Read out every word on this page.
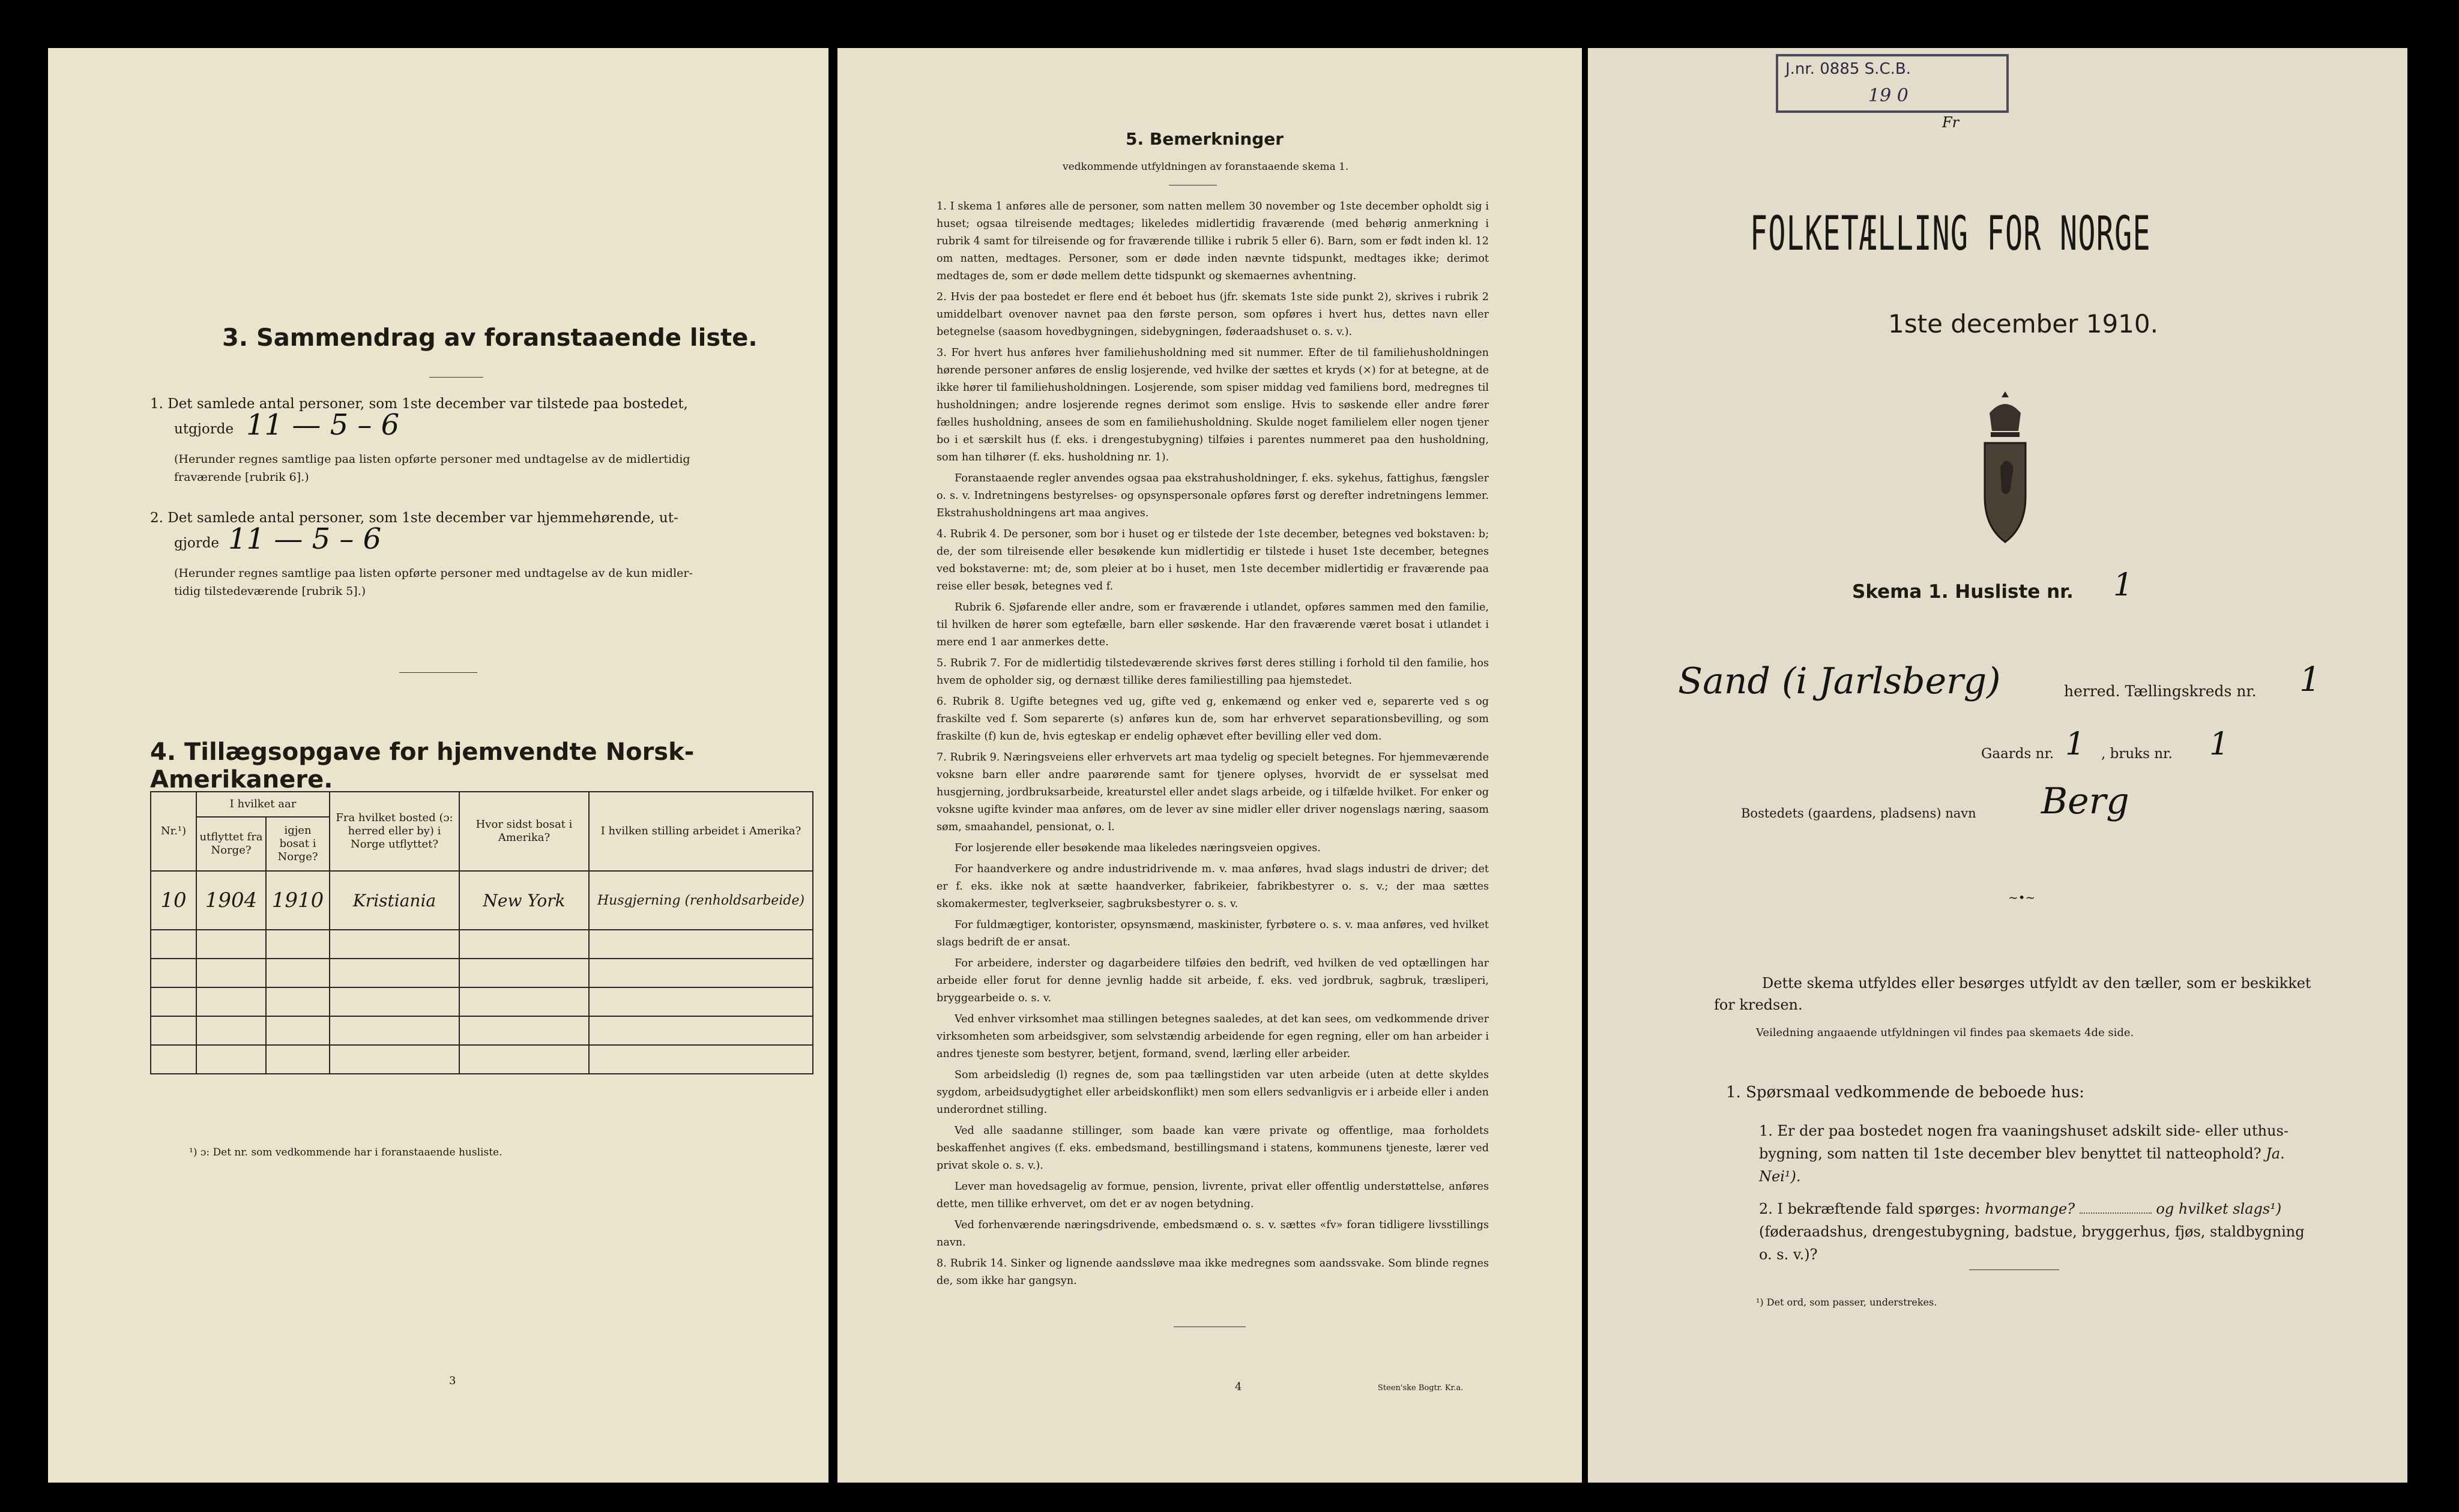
3. Sammendrag av foranstaaende liste.
1. Det samlede antal personer, som 1ste december var tilstede paa bostedet,
utgjorde 11 — 5 – 6
(Herunder regnes samtlige paa listen opførte personer med undtagelse av de midlertidig
fraværende [rubrik 6].)
2. Det samlede antal personer, som 1ste december var hjemmehørende, ut-
gjorde 11 — 5 – 6
(Herunder regnes samtlige paa listen opførte personer med undtagelse av de kun midler-
tidig tilstedeværende [rubrik 5].)
4. Tillægsopgave for hjemvendte Norsk-Amerikanere.
Nr.¹)	I hvilket aar		Fra hvilket bosted (ɔ: herred eller by) i Norge utflyttet?	Hvor sidst bosat i Amerika?	I hvilken stilling arbeidet i Amerika?
	utflyttet fra Norge?	igjen bosat i Norge?			
10	1904	1910	Kristiania	New York	Husgjerning (renholdsarbeide)

¹) ɔ: Det nr. som vedkommende har i foranstaaende husliste.
3
5. Bemerkninger
vedkommende utfyldningen av foranstaaende skema 1.

1. I skema 1 anføres alle de personer, som natten mellem 30 november og 1ste december opholdt sig i huset; ogsaa tilreisende medtages; likeledes midlertidig fraværende (med behørig anmerkning i rubrik 4 samt for tilreisende og for fraværende tillike i rubrik 5 eller 6). Barn, som er født inden kl. 12 om natten, medtages. Personer, som er døde inden nævnte tidspunkt, medtages ikke; derimot medtages de, som er døde mellem dette tidspunkt og skemaernes avhentning.

2. Hvis der paa bostedet er flere end ét beboet hus (jfr. skemats 1ste side punkt 2), skrives i rubrik 2 umiddelbart ovenover navnet paa den første person, som opføres i hvert hus, dettes navn eller betegnelse (saasom hovedbygningen, sidebygningen, føderaadshuset o. s. v.).

3. For hvert hus anføres hver familiehusholdning med sit nummer. Efter de til familiehusholdningen hørende personer anføres de enslig losjerende, ved hvilke der sættes et kryds (×) for at betegne, at de ikke hører til familiehusholdningen. Losjerende, som spiser middag ved familiens bord, medregnes til husholdningen; andre losjerende regnes derimot som enslige. Hvis to søskende eller andre fører fælles husholdning, ansees de som en familiehusholdning. Skulde noget familielem eller nogen tjener bo i et særskilt hus (f. eks. i drengestubygning) tilføies i parentes nummeret paa den husholdning, som han tilhører (f. eks. husholdning nr. 1).

Foranstaaende regler anvendes ogsaa paa ekstrahusholdninger, f. eks. sykehus, fattighus, fængsler o. s. v. Indretningens bestyrelses- og opsynspersonale opføres først og derefter indretningens lemmer. Ekstrahusholdningens art maa angives.

4. Rubrik 4. De personer, som bor i huset og er tilstede der 1ste december, betegnes ved bokstaven: b; de, der som tilreisende eller besøkende kun midlertidig er tilstede i huset 1ste december, betegnes ved bokstaverne: mt; de, som pleier at bo i huset, men 1ste december midlertidig er fraværende paa reise eller besøk, betegnes ved f.

Rubrik 6. Sjøfarende eller andre, som er fraværende i utlandet, opføres sammen med den familie, til hvilken de hører som egtefælle, barn eller søskende. Har den fraværende været bosat i utlandet i mere end 1 aar anmerkes dette.

5. Rubrik 7. For de midlertidig tilstedeværende skrives først deres stilling i forhold til den familie, hos hvem de opholder sig, og dernæst tillike deres familiestilling paa hjemstedet.

6. Rubrik 8. Ugifte betegnes ved ug, gifte ved g, enkemænd og enker ved e, separerte ved s og fraskilte ved f. Som separerte (s) anføres kun de, som har erhvervet separationsbevilling, og som fraskilte (f) kun de, hvis egteskap er endelig ophævet efter bevilling eller ved dom.

7. Rubrik 9. Næringsveiens eller erhvervets art maa tydelig og specielt betegnes. For hjemmeværende voksne barn eller andre paarørende samt for tjenere oplyses, hvorvidt de er sysselsat med husgjerning, jordbruksarbeide, kreaturstel eller andet slags arbeide, og i tilfælde hvilket. For enker og voksne ugifte kvinder maa anføres, om de lever av sine midler eller driver nogenslags næring, saasom søm, smaahandel, pensionat, o. l.

For losjerende eller besøkende maa likeledes næringsveien opgives.

For haandverkere og andre industridrivende m. v. maa anføres, hvad slags industri de driver; det er f. eks. ikke nok at sætte haandverker, fabrikeier, fabrikbestyrer o. s. v.; der maa sættes skomakermester, teglverkseier, sagbruksbestyrer o. s. v.

For fuldmægtiger, kontorister, opsynsmænd, maskinister, fyrbøtere o. s. v. maa anføres, ved hvilket slags bedrift de er ansat.

For arbeidere, inderster og dagarbeidere tilføies den bedrift, ved hvilken de ved optællingen har arbeide eller forut for denne jevnlig hadde sit arbeide, f. eks. ved jordbruk, sagbruk, træsliperi, bryggearbeide o. s. v.

Ved enhver virksomhet maa stillingen betegnes saaledes, at det kan sees, om vedkommende driver virksomheten som arbeidsgiver, som selvstændig arbeidende for egen regning, eller om han arbeider i andres tjeneste som bestyrer, betjent, formand, svend, lærling eller arbeider.

Som arbeidsledig (l) regnes de, som paa tællingstiden var uten arbeide (uten at dette skyldes sygdom, arbeidsudygtighet eller arbeidskonflikt) men som ellers sedvanligvis er i arbeide eller i anden underordnet stilling.

Ved alle saadanne stillinger, som baade kan være private og offentlige, maa forholdets beskaffenhet angives (f. eks. embedsmand, bestillingsmand i statens, kommunens tjeneste, lærer ved privat skole o. s. v.).

Lever man hovedsagelig av formue, pension, livrente, privat eller offentlig understøttelse, anføres dette, men tillike erhvervet, om det er av nogen betydning.

Ved forhenværende næringsdrivende, embedsmænd o. s. v. sættes «fv» foran tidligere livsstillings navn.

8. Rubrik 14. Sinker og lignende aandssløve maa ikke medregnes som aandssvake. Som blinde regnes de, som ikke har gangsyn.

4	Steen'ske Bogtr. Kr.a.
J.nr. 0885 S.C.B.
19 0
Fr
FOLKETÆLLING FOR NORGE
1ste december 1910.
Skema 1. Husliste nr. 1
Sand (i Jarlsberg)	herred. Tællingskreds nr. 1
Gaards nr. 1 , bruks nr. 1
Bostedets (gaardens, pladsens) navn Berg
~•~
Dette skema utfyldes eller besørges utfyldt av den tæller, som er beskikket for kredsen.
Veiledning angaaende utfyldningen vil findes paa skemaets 4de side.
1. Spørsmaal vedkommende de beboede hus:
1. Er der paa bostedet nogen fra vaaningshuset adskilt side- eller uthus-bygning, som natten til 1ste december blev benyttet til natteophold? Ja. Nei¹).
2. I bekræftende fald spørges: hvormange?	og hvilket slags¹) (føderaadshus, drengestubygning, badstue, bryggerhus, fjøs, staldbygning o. s. v.)?
¹) Det ord, som passer, understrekes.
